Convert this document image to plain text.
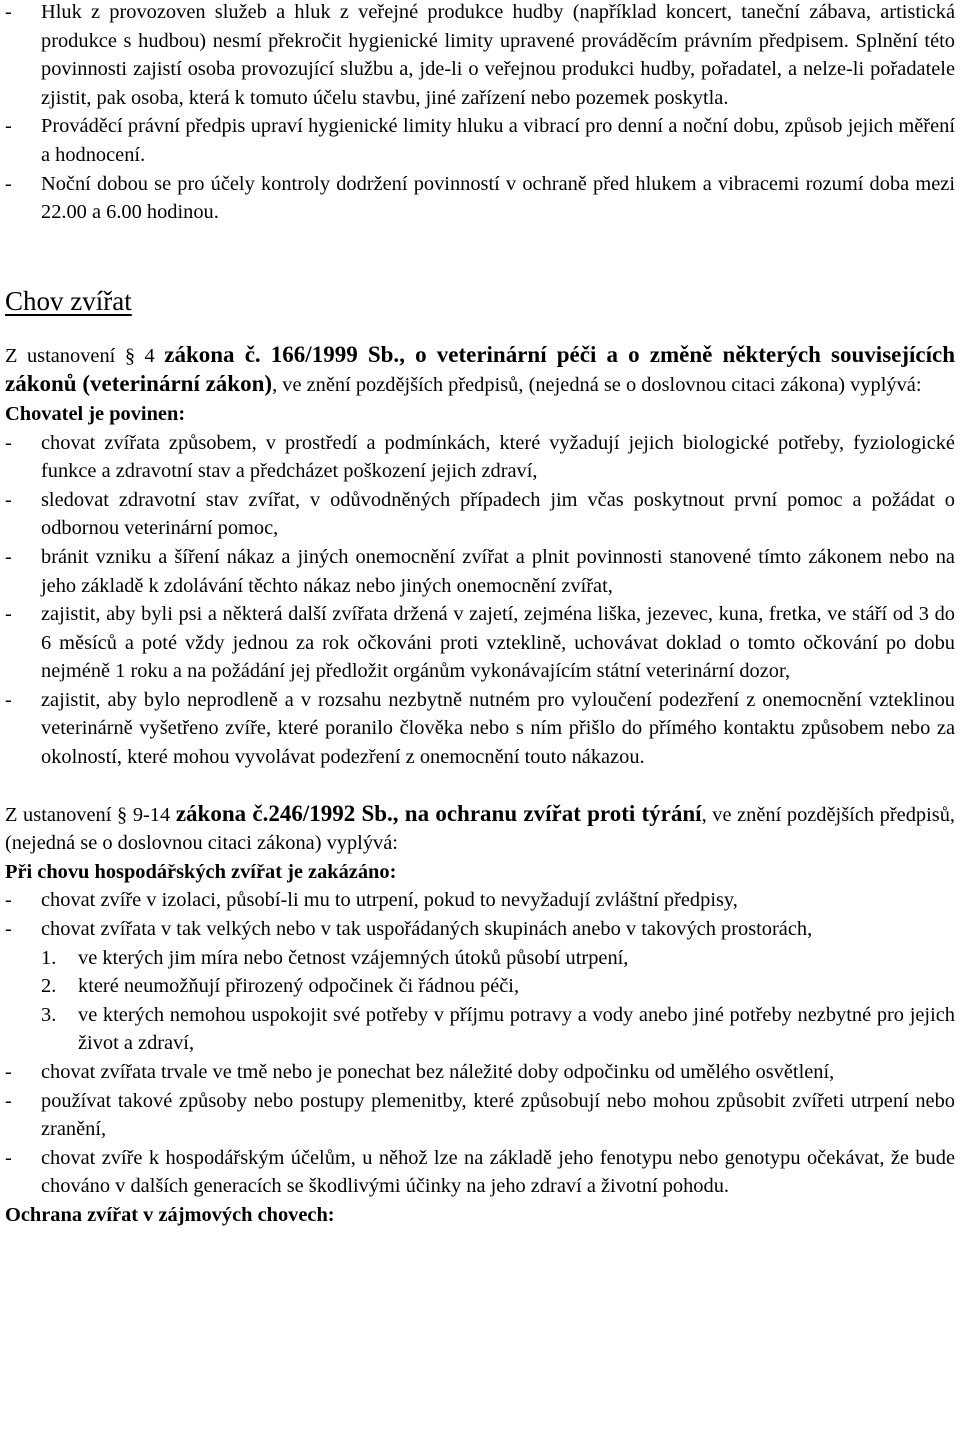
-	Hluk z provozoven služeb a hluk z veřejné produkce hudby (například koncert, taneční zábava, artistická produkce s hudbou) nesmí překročit hygienické limity upravené prováděcím právním předpisem. Splnění této povinnosti zajistí osoba provozující službu a, jde-li o veřejnou produkci hudby, pořadatel, a nelze-li pořadatele zjistit, pak osoba, která k tomuto účelu stavbu, jiné zařízení nebo pozemek poskytla.
-	Prováděcí právní předpis upraví hygienické limity hluku a vibrací pro denní a noční dobu, způsob jejich měření a hodnocení.
-	Noční dobou se pro účely kontroly dodržení povinností v ochraně před hlukem a vibracemi rozumí doba mezi 22.00 a 6.00 hodinou.
Chov zvířat
Z ustanovení § 4 zákona č. 166/1999 Sb., o veterinární péči a o změně některých souvisejících zákonů (veterinární zákon), ve znění pozdějších předpisů, (nejedná se o doslovnou citaci zákona) vyplývá:
Chovatel je povinen:
-	chovat zvířata způsobem, v prostředí a podmínkách, které vyžadují jejich biologické potřeby, fyziologické funkce a zdravotní stav a předcházet poškození jejich zdraví,
-	sledovat zdravotní stav zvířat, v odůvodněných případech jim včas poskytnout první pomoc a požádat o odbornou veterinární pomoc,
-	bránit vzniku a šíření nákaz a jiných onemocnění zvířat a plnit povinnosti stanovené tímto zákonem nebo na jeho základě k zdolávání těchto nákaz nebo jiných onemocnění zvířat,
-	zajistit, aby byli psi a některá další zvířata držená v zajetí, zejména liška, jezevec, kuna, fretka, ve stáří od 3 do 6 měsíců a poté vždy jednou za rok očkováni proti vzteklině, uchovávat doklad o tomto očkování po dobu nejméně 1 roku a na požádání jej předložit orgánům vykonávajícím státní veterinární dozor,
-	zajistit, aby bylo neprodleně a v rozsahu nezbytně nutném pro vyloučení podezření z onemocnění vzteklinou veterinárně vyšetřeno zvíře, které poranilo člověka nebo s ním přišlo do přímého kontaktu způsobem nebo za okolností, které mohou vyvolávat podezření z onemocnění touto nákazou.
Z ustanovení § 9-14 zákona č.246/1992 Sb., na ochranu zvířat proti týrání, ve znění pozdějších předpisů, (nejedná se o doslovnou citaci zákona) vyplývá:
Při chovu hospodářských zvířat je zakázáno:
-	chovat zvíře v izolaci, působí-li mu to utrpení, pokud to nevyžadují zvláštní předpisy,
-	chovat zvířata v tak velkých nebo v tak uspořádaných skupinách anebo v takových prostorách,
1.	ve kterých jim míra nebo četnost vzájemných útoků působí utrpení,
2.	které neumožňují přirozený odpočinek či řádnou péči,
3.	ve kterých nemohou uspokojit své potřeby v příjmu potravy a vody anebo jiné potřeby nezbytné pro jejich život a zdraví,
-	chovat zvířata trvale ve tmě nebo je ponechat bez náležité doby odpočinku od umělého osvětlení,
-	používat takové způsoby nebo postupy plemenitby, které způsobují nebo mohou způsobit zvířeti utrpení nebo zranění,
-	chovat zvíře k hospodářským účelům, u něhož lze na základě jeho fenotypu nebo genotypu očekávat, že bude chováno v dalších generacích se škodlivými účinky na jeho zdraví a životní pohodu.
Ochrana zvířat v zájmových chovech:
